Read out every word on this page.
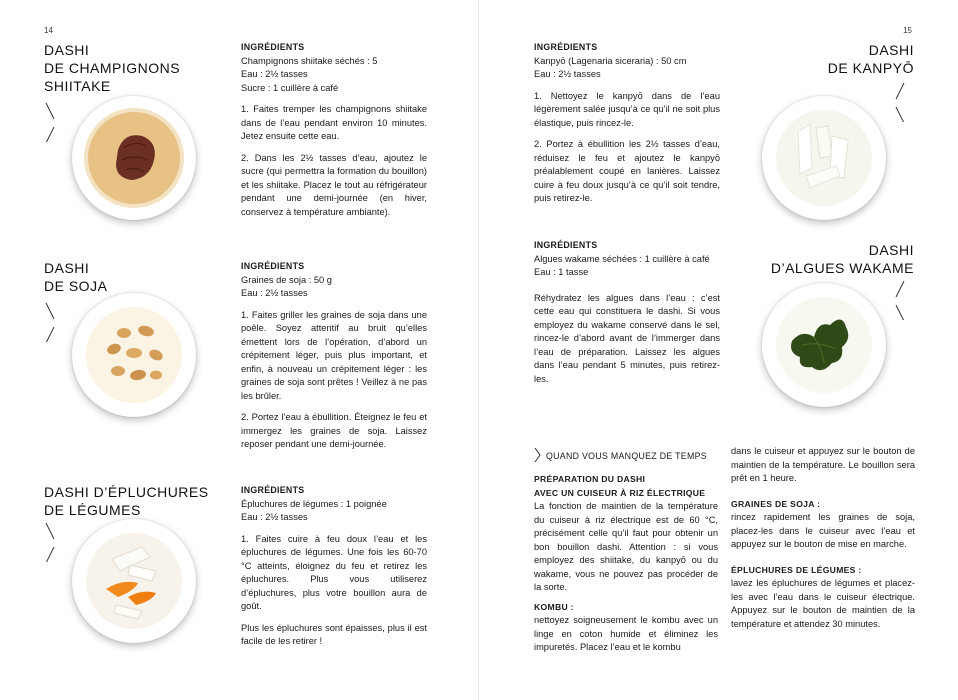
14
DASHI
DE CHAMPIGNONS
SHIITAKE
INGRÉDIENTS
Champignons shiitake séchés : 5
Eau : 2½ tasses
Sucre : 1 cuillère à café

1. Faites tremper les champignons shiitake dans de l’eau pendant environ 10 minutes. Jetez ensuite cette eau.

2. Dans les 2½ tasses d’eau, ajoutez le sucre (qui permettra la formation du bouillon) et les shiitake. Placez le tout au réfrigérateur pendant une demi-journée (en hiver, conservez à température ambiante).

DASHI
DE SOJA
INGRÉDIENTS
Graines de soja : 50 g
Eau : 2½ tasses

1. Faites griller les graines de soja dans une poêle. Soyez attentif au bruit qu’elles émettent lors de l’opération, d’abord un crépitement léger, puis plus important, et enfin, à nouveau un crépitement léger : les graines de soja sont prêtes ! Veillez à ne pas les brûler.

2. Portez l’eau à ébullition. Éteignez le feu et immergez les graines de soja. Laissez reposer pendant une demi-journée.

DASHI D’ÉPLUCHURES
DE LÉGUMES
INGRÉDIENTS
Épluchures de légumes : 1 poignée
Eau : 2½ tasses

1. Faites cuire à feu doux l’eau et les épluchures de légumes. Une fois les 60-70 °C atteints, éloignez du feu et retirez les épluchures. Plus vous utiliserez d’épluchures, plus votre bouillon aura de goût.

Plus les épluchures sont épaisses, plus il est facile de les retirer !

15
INGRÉDIENTS
Kanpyō (Lagenaria siceraria) : 50 cm
Eau : 2½ tasses

1. Nettoyez le kanpyō dans de l’eau légèrement salée jusqu’à ce qu’il ne soit plus élastique, puis rincez-le.

2. Portez à ébullition les 2½ tasses d’eau, réduisez le feu et ajoutez le kanpyō préalablement coupé en lanières. Laissez cuire à feu doux jusqu’à ce qu’il soit tendre, puis retirez-le.

DASHI
DE KANPYŌ
INGRÉDIENTS
Algues wakame séchées : 1 cuillère à café
Eau : 1 tasse

Réhydratez les algues dans l’eau : c’est cette eau qui constituera le dashi. Si vous employez du wakame conservé dans le sel, rincez-le d’abord avant de l’immerger dans l’eau de préparation. Laissez les algues dans l’eau pendant 5 minutes, puis retirez-les.

DASHI
D’ALGUES WAKAME
QUAND VOUS MANQUEZ DE TEMPS
PRÉPARATION DU DASHI
AVEC UN CUISEUR À RIZ ÉLECTRIQUE

La fonction de maintien de la température du cuiseur à riz électrique est de 60 °C, précisément celle qu’il faut pour obtenir un bon bouillon dashi. Attention : si vous employez des shiitake, du kanpyō ou du wakame, vous ne pouvez pas procéder de la sorte.

KOMBU :

nettoyez soigneusement le kombu avec un linge en coton humide et éliminez les impuretés. Placez l’eau et le kombu

dans le cuiseur et appuyez sur le bouton de maintien de la température. Le bouillon sera prêt en 1 heure.

GRAINES DE SOJA :

rincez rapidement les graines de soja, placez-les dans le cuiseur avec l’eau et appuyez sur le bouton de mise en marche.

ÉPLUCHURES DE LÉGUMES :

lavez les épluchures de légumes et placez-les avec l’eau dans le cuiseur électrique. Appuyez sur le bouton de maintien de la température et attendez 30 minutes.
